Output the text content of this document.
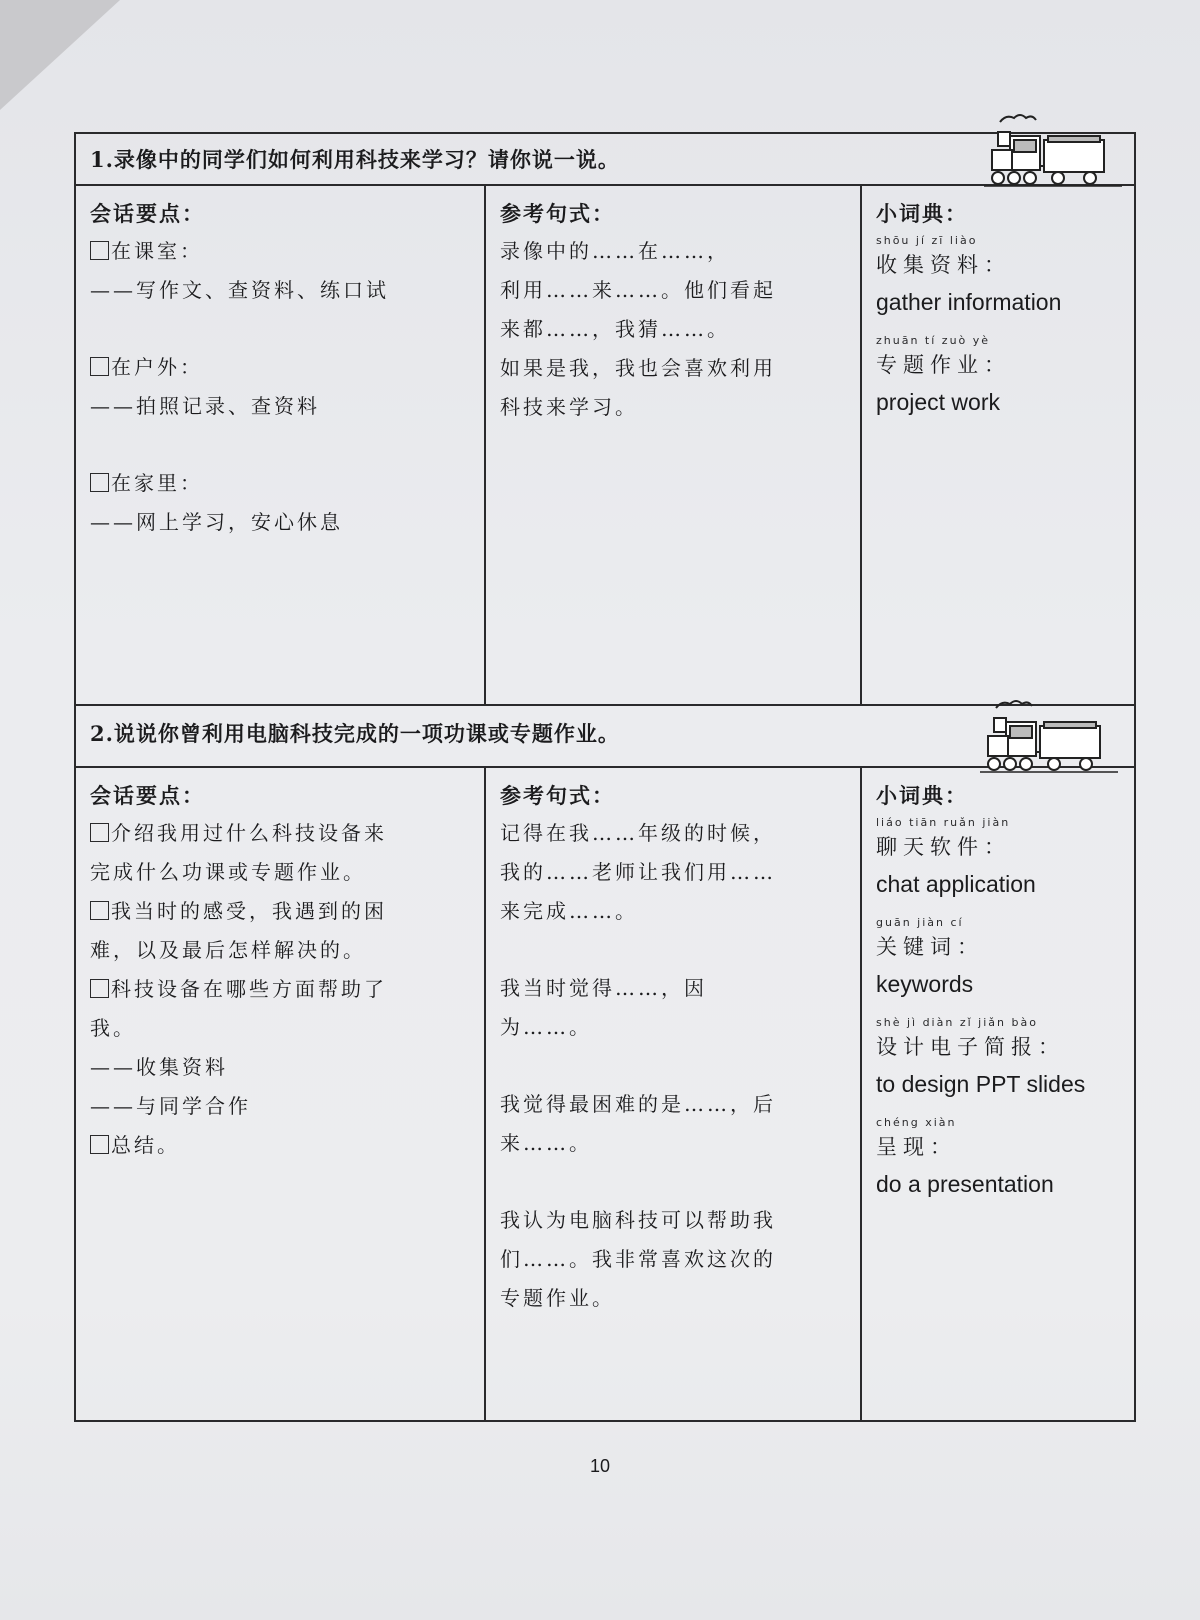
1.录像中的同学们如何利用科技来学习？请你说一说。
会话要点：
在课室：
——写作文、查资料、练口试
在户外：
——拍照记录、查资料
在家里：
——网上学习，安心休息
参考句式：
录像中的……在……，
利用……来……。他们看起
来都……，我猜……。
如果是我，我也会喜欢利用
科技来学习。
小词典：
shōu jí zī liào
收集资料：
gather information
zhuān tí zuò yè
专题作业：
project work
2.说说你曾利用电脑科技完成的一项功课或专题作业。
会话要点：
介绍我用过什么科技设备来
完成什么功课或专题作业。
我当时的感受，我遇到的困
难，以及最后怎样解决的。
科技设备在哪些方面帮助了
我。
——收集资料
——与同学合作
总结。
参考句式：
记得在我……年级的时候，
我的……老师让我们用……
来完成……。
我当时觉得……，因
为……。
我觉得最困难的是……，后
来……。
我认为电脑科技可以帮助我
们……。我非常喜欢这次的
专题作业。
小词典：
liáo tiān ruǎn jiàn
聊天软件：
chat application
guān jiàn cí
关键词：
keywords
shè jì diàn zǐ jiǎn bào
设计电子简报：
to design PPT slides
chéng xiàn
呈现：
do a presentation
10
